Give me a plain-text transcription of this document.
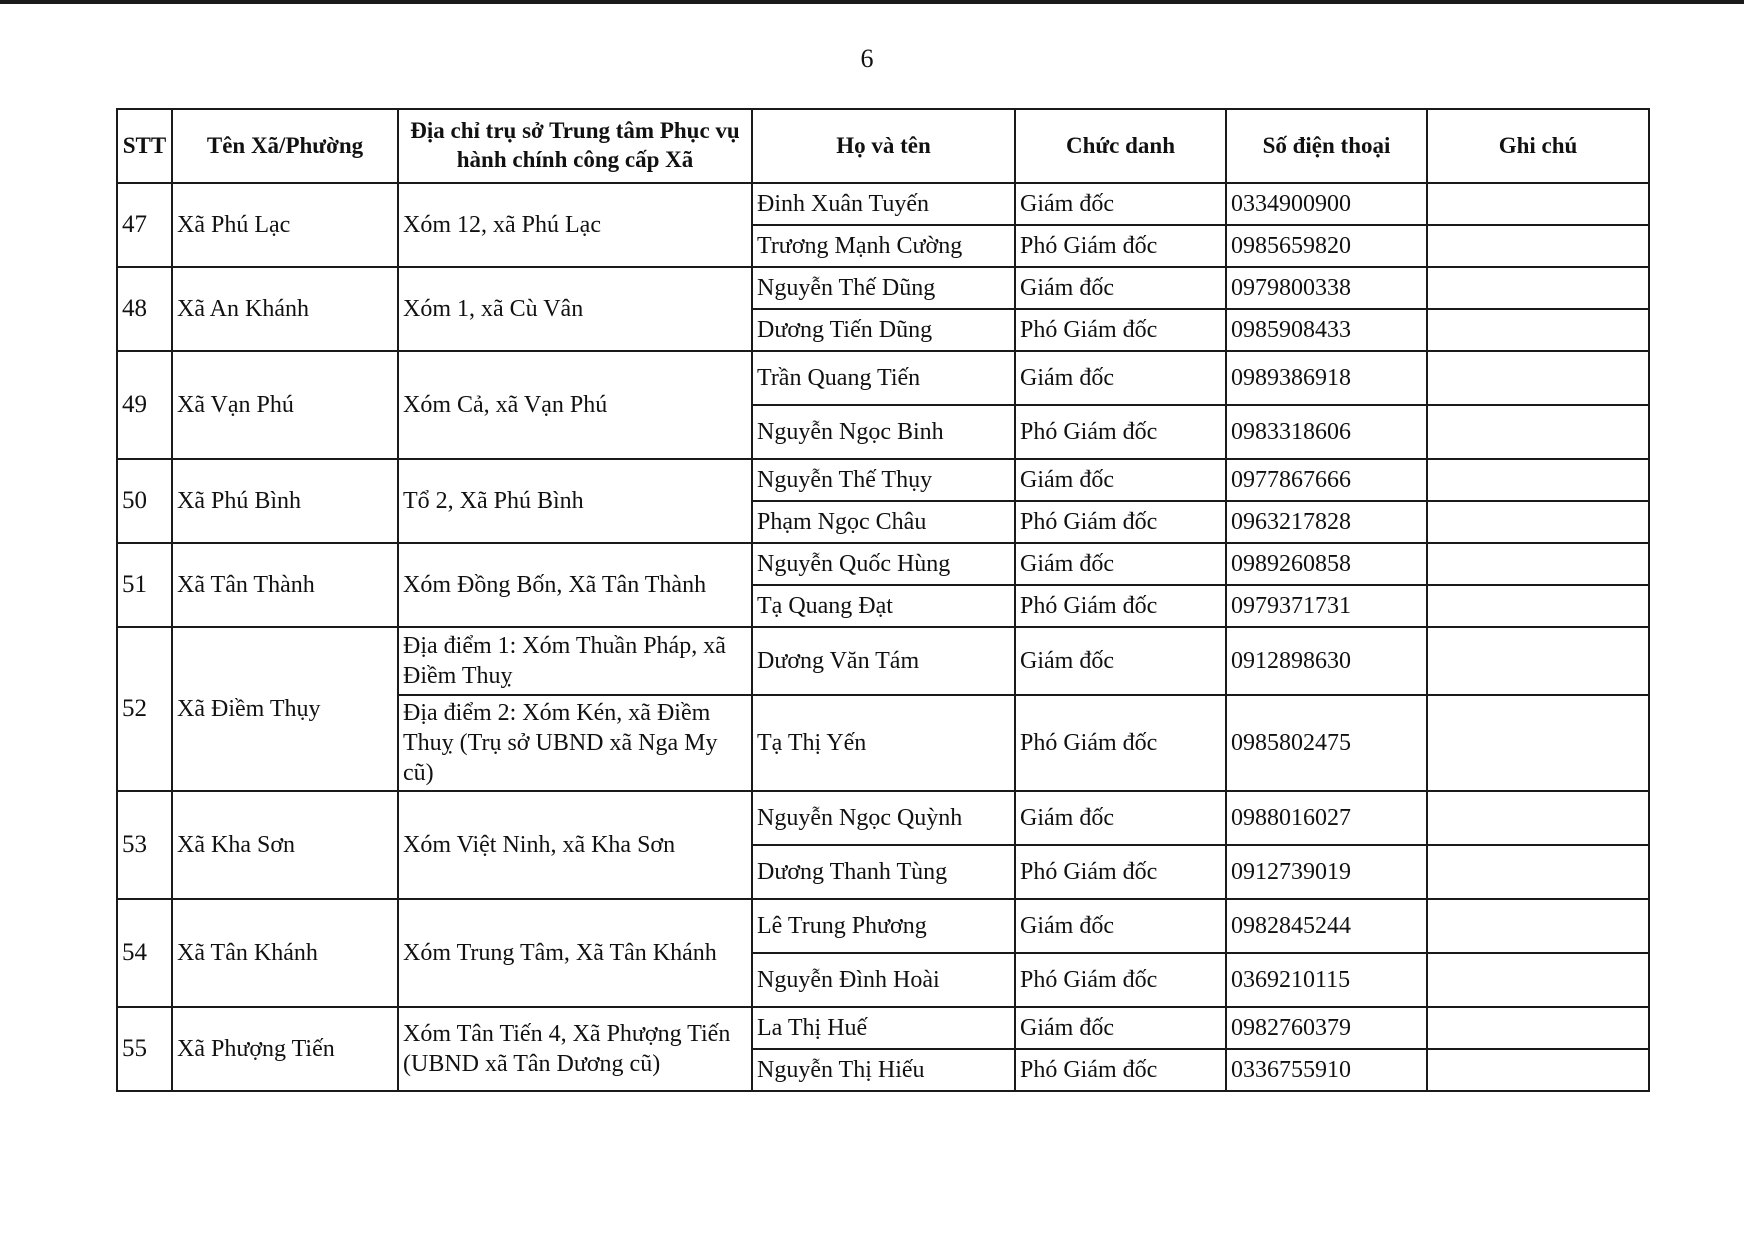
6
STT	Tên Xã/Phường	Địa chỉ trụ sở Trung tâm Phục vụ hành chính công cấp Xã	Họ và tên	Chức danh	Số điện thoại	Ghi chú
47	Xã Phú Lạc	Xóm 12, xã Phú Lạc	Đinh Xuân Tuyến	Giám đốc	0334900900	
			Trương Mạnh Cường	Phó Giám đốc	0985659820	
48	Xã An Khánh	Xóm 1, xã Cù Vân	Nguyễn Thế Dũng	Giám đốc	0979800338	
			Dương Tiến Dũng	Phó Giám đốc	0985908433	
49	Xã Vạn Phú	Xóm Cả, xã Vạn Phú	Trần Quang Tiến	Giám đốc	0989386918	
			Nguyễn Ngọc Binh	Phó Giám đốc	0983318606	
50	Xã Phú Bình	Tổ 2, Xã Phú Bình	Nguyễn Thế Thụy	Giám đốc	0977867666	
			Phạm Ngọc Châu	Phó Giám đốc	0963217828	
51	Xã Tân Thành	Xóm Đồng Bốn, Xã Tân Thành	Nguyễn Quốc Hùng	Giám đốc	0989260858	
			Tạ Quang Đạt	Phó Giám đốc	0979371731	
52	Xã Điềm Thụy	Địa điểm 1: Xóm Thuần Pháp, xã Điềm Thuỵ	Dương Văn Tám	Giám đốc	0912898630	
		Địa điểm 2: Xóm Kén, xã Điềm Thuỵ (Trụ sở UBND xã Nga My cũ)	Tạ Thị Yến	Phó Giám đốc	0985802475	
53	Xã Kha Sơn	Xóm Việt Ninh, xã Kha Sơn	Nguyễn Ngọc Quỳnh	Giám đốc	0988016027	
			Dương Thanh Tùng	Phó Giám đốc	0912739019	
54	Xã Tân Khánh	Xóm Trung Tâm, Xã Tân Khánh	Lê Trung Phương	Giám đốc	0982845244	
			Nguyễn Đình Hoài	Phó Giám đốc	0369210115	
55	Xã Phượng Tiến	Xóm Tân Tiến 4, Xã Phượng Tiến (UBND xã Tân Dương cũ)	La Thị Huế	Giám đốc	0982760379	
			Nguyễn Thị Hiếu	Phó Giám đốc	0336755910	
